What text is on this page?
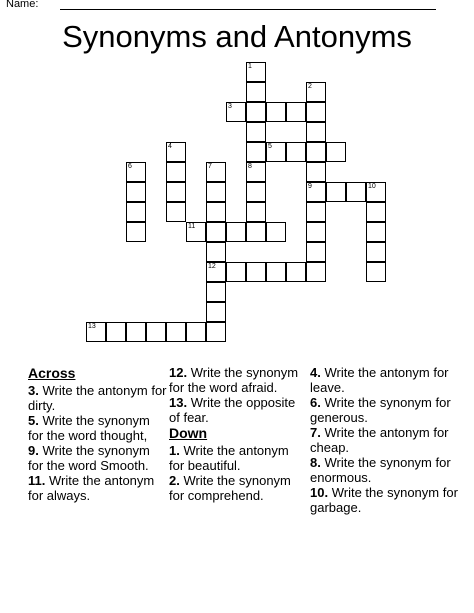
Name:
Synonyms and Antonyms
3
5
9	10
11
12
13
1
2
4
6	7	8
Across
3. Write the antonym for dirty.
5. Write the synonym for the word thought,
9. Write the synonym for the word Smooth.
11. Write the antonym for always.
12. Write the synonym for the word afraid.
13. Write the opposite of fear.
Down
1. Write the antonym for beautiful.
2. Write the synonym for comprehend.
4. Write the antonym for leave.
6. Write the synonym for generous.
7. Write the antonym for cheap.
8. Write the synonym for enormous.
10. Write the synonym for garbage.
